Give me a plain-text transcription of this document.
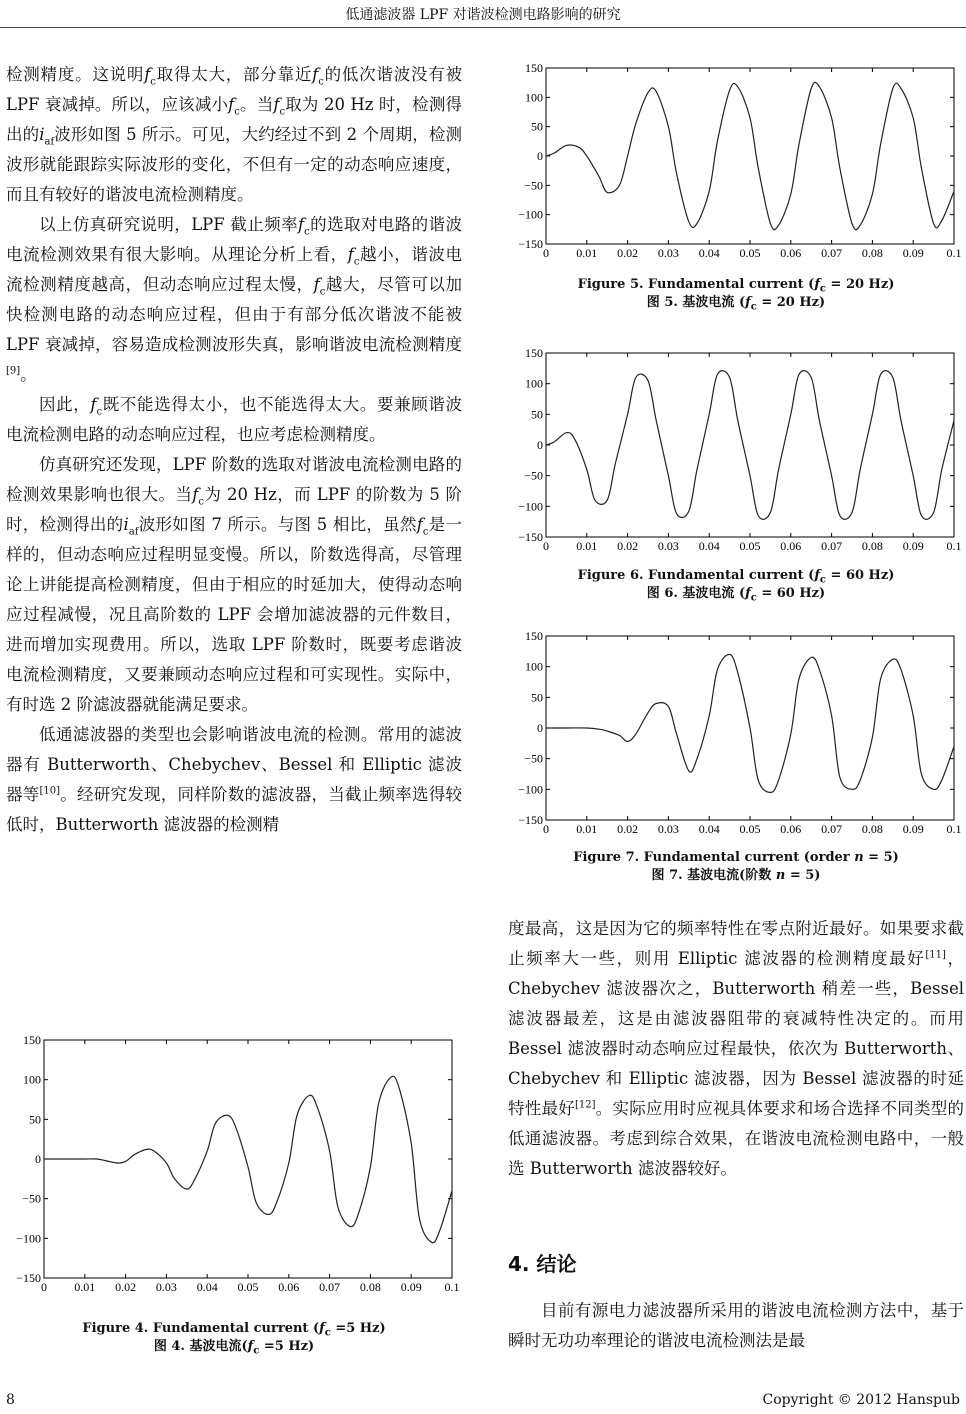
低通滤波器 LPF 对谐波检测电路影响的研究

检测精度。这说明$f_c$取得太大，部分靠近$f_c$的低次谐波没有被 LPF 衰减掉。所以，应该减小$f_c$。当$f_c$取为 20 Hz 时，检测得出的$i_{af}$波形如图 5 所示。可见，大约经过不到 2 个周期，检测波形就能跟踪实际波形的变化，不但有一定的动态响应速度，而且有较好的谐波电流检测精度。

以上仿真研究说明，LPF 截止频率$f_c$的选取对电路的谐波电流检测效果有很大影响。从理论分析上看，$f_c$越小，谐波电流检测精度越高，但动态响应过程太慢，$f_c$越大，尽管可以加快检测电路的动态响应过程，但由于有部分低次谐波不能被 LPF 衰减掉，容易造成检测波形失真，影响谐波电流检测精度[9]。

因此，$f_c$既不能选得太小，也不能选得太大。要兼顾谐波电流检测电路的动态响应过程，也应考虑检测精度。

仿真研究还发现，LPF 阶数的选取对谐波电流检测电路的检测效果影响也很大。当$f_c$为 20 Hz，而 LPF 的阶数为 5 阶时，检测得出的$i_{af}$波形如图 7 所示。与图 5 相比，虽然$f_c$是一样的，但动态响应过程明显变慢。所以，阶数选得高，尽管理论上讲能提高检测精度，但由于相应的时延加大，使得动态响应过程减慢，况且高阶数的 LPF 会增加滤波器的元件数目，进而增加实现费用。所以，选取 LPF 阶数时，既要考虑谐波电流检测精度，又要兼顾动态响应过程和可实现性。实际中，有时选 2 阶滤波器就能满足要求。

低通滤波器的类型也会影响谐波电流的检测。常用的滤波器有 Butterworth、Chebychev、Bessel 和 Elliptic 滤波器等[10]。经研究发现，同样阶数的滤波器，当截止频率选得较低时，Butterworth 滤波器的检测精

0 0.01 0.02 0.03 0.04 0.05 0.06 0.07 0.08 0.09 0.1
150
100
50
0
−50
−100
−150
Figure 5. Fundamental current ($f_c = 20$ Hz)
图 5. 基波电流 ($f_c = 20$ Hz)
0 0.01 0.02 0.03 0.04 0.05 0.06 0.07 0.08 0.09 0.1
150
100
50
0
−50
−100
−150
Figure 6. Fundamental current ($f_c = 60$ Hz)
图 6. 基波电流 ($f_c = 60$ Hz)
0 0.01 0.02 0.03 0.04 0.05 0.06 0.07 0.08 0.09 0.1
150
100
50
0
−50
−100
−150
Figure 7. Fundamental current (order n = 5)
图 7. 基波电流(阶数 n = 5)
0 0.01 0.02 0.03 0.04 0.05 0.06 0.07 0.08 0.09 0.1
150
100
50
0
−50
−100
−150
Figure 4. Fundamental current ($f_c =5$ Hz)
图 4. 基波电流($f_c =5$ Hz)

度最高，这是因为它的频率特性在零点附近最好。如果要求截止频率大一些，则用 Elliptic 滤波器的检测精度最好[11]，Chebychev 滤波器次之，Butterworth 稍差一些，Bessel 滤波器最差，这是由滤波器阻带的衰减特性决定的。而用 Bessel 滤波器时动态响应过程最快，依次为 Butterworth、Chebychev 和 Elliptic 滤波器，因为 Bessel 滤波器的时延特性最好[12]。实际应用时应视具体要求和场合选择不同类型的低通滤波器。考虑到综合效果，在谐波电流检测电路中，一般选 Butterworth 滤波器较好。

4. 结论

目前有源电力滤波器所采用的谐波电流检测方法中，基于瞬时无功功率理论的谐波电流检测法是最

8	Copyright © 2012 Hanspub
